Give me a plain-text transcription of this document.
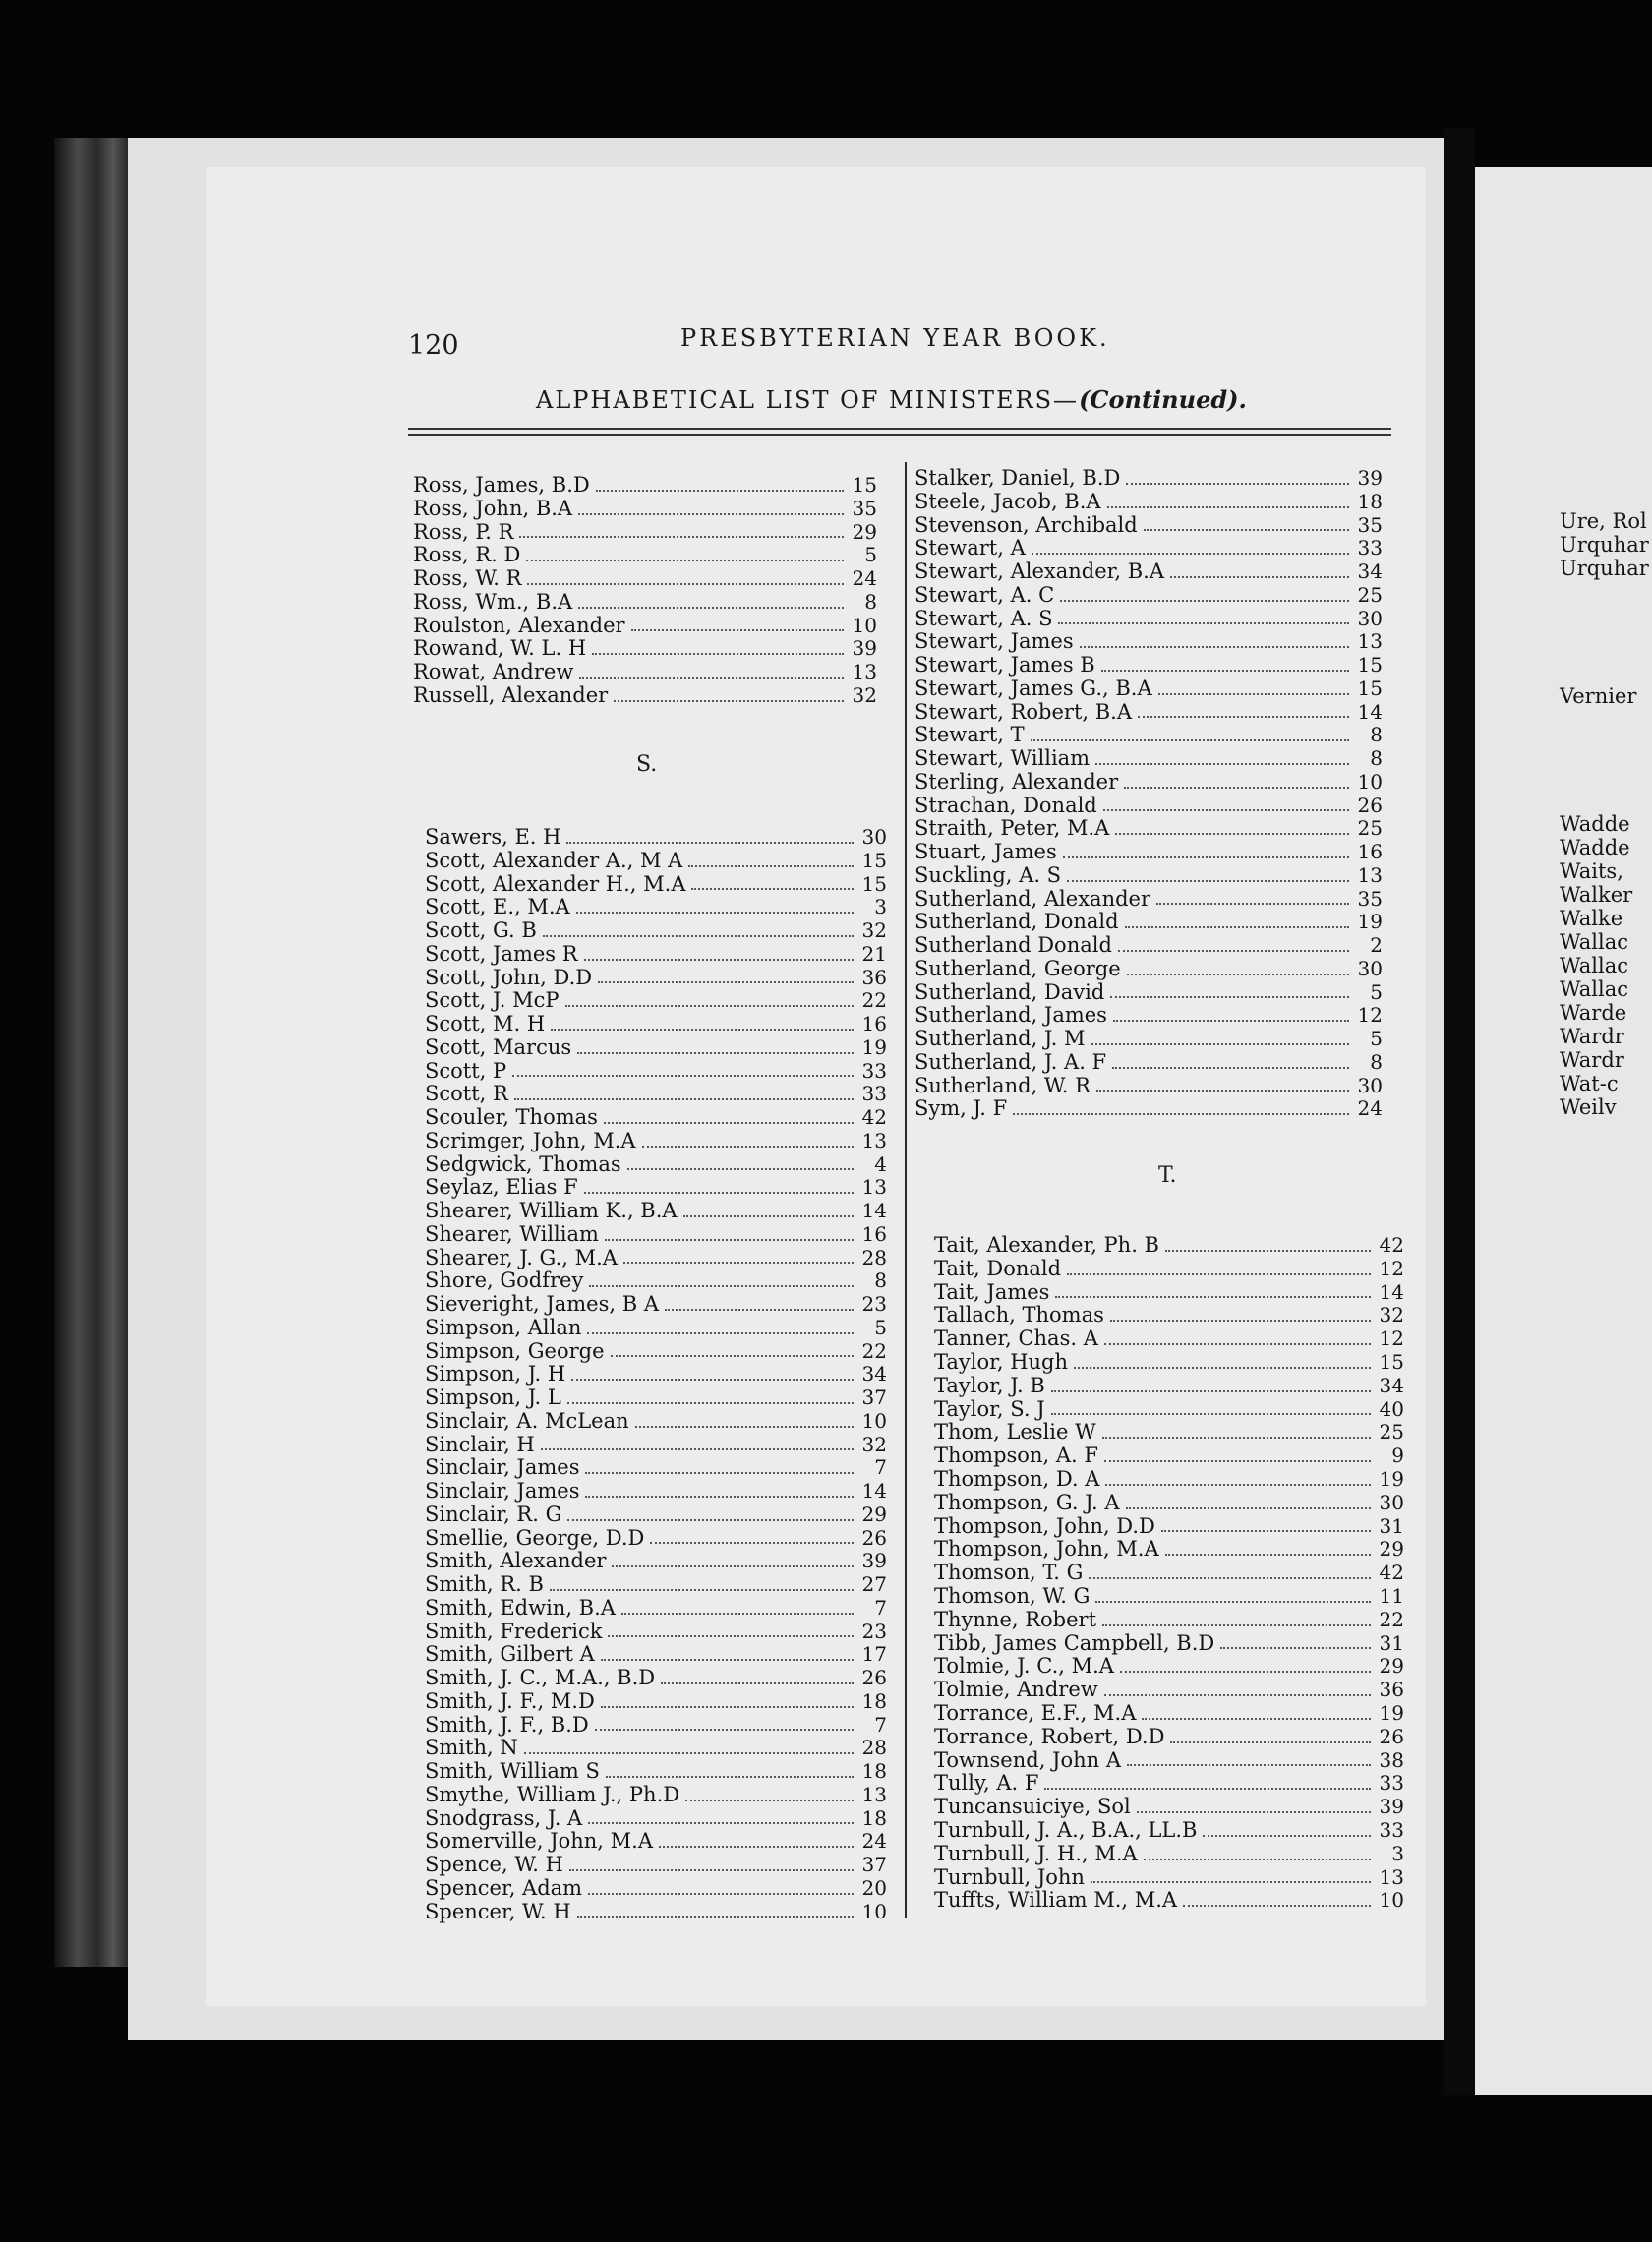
120	PRESBYTERIAN YEAR BOOK.
ALPHABETICAL LIST OF MINISTERS—(Continued).
Ross, James, B.D	15
Ross, John, B.A	35
Ross, P. R	29
Ross, R. D	5
Ross, W. R	24
Ross, Wm., B.A	8
Roulston, Alexander	10
Rowand, W. L. H	39
Rowat, Andrew	13
Russell, Alexander	32
S.
Sawers, E. H	30
Scott, Alexander A., M A	15
Scott, Alexander H., M.A	15
Scott, E., M.A	3
Scott, G. B	32
Scott, James R	21
Scott, John, D.D	36
Scott, J. McP	22
Scott, M. H	16
Scott, Marcus	19
Scott, P	33
Scott, R	33
Scouler, Thomas	42
Scrimger, John, M.A	13
Sedgwick, Thomas	4
Seylaz, Elias F	13
Shearer, William K., B.A	14
Shearer, William	16
Shearer, J. G., M.A	28
Shore, Godfrey	8
Sieveright, James, B A	23
Simpson, Allan	5
Simpson, George	22
Simpson, J. H	34
Simpson, J. L	37
Sinclair, A. McLean	10
Sinclair, H	32
Sinclair, James	7
Sinclair, James	14
Sinclair, R. G	29
Smellie, George, D.D	26
Smith, Alexander	39
Smith, R. B	27
Smith, Edwin, B.A	7
Smith, Frederick	23
Smith, Gilbert A	17
Smith, J. C., M.A., B.D	26
Smith, J. F., M.D	18
Smith, J. F., B.D	7
Smith, N	28
Smith, William S	18
Smythe, William J., Ph.D	13
Snodgrass, J. A	18
Somerville, John, M.A	24
Spence, W. H	37
Spencer, Adam	20
Spencer, W. H	10
Stalker, Daniel, B.D	39
Steele, Jacob, B.A	18
Stevenson, Archibald	35
Stewart, A	33
Stewart, Alexander, B.A	34
Stewart, A. C	25
Stewart, A. S	30
Stewart, James	13
Stewart, James B	15
Stewart, James G., B.A	15
Stewart, Robert, B.A	14
Stewart, T	8
Stewart, William	8
Sterling, Alexander	10
Strachan, Donald	26
Straith, Peter, M.A	25
Stuart, James	16
Suckling, A. S	13
Sutherland, Alexander	35
Sutherland, Donald	19
Sutherland Donald	2
Sutherland, George	30
Sutherland, David	5
Sutherland, James	12
Sutherland, J. M	5
Sutherland, J. A. F	8
Sutherland, W. R	30
Sym, J. F	24
T.
Tait, Alexander, Ph. B	42
Tait, Donald	12
Tait, James	14
Tallach, Thomas	32
Tanner, Chas. A	12
Taylor, Hugh	15
Taylor, J. B	34
Taylor, S. J	40
Thom, Leslie W	25
Thompson, A. F	9
Thompson, D. A	19
Thompson, G. J. A	30
Thompson, John, D.D	31
Thompson, John, M.A	29
Thomson, T. G	42
Thomson, W. G	11
Thynne, Robert	22
Tibb, James Campbell, B.D	31
Tolmie, J. C., M.A	29
Tolmie, Andrew	36
Torrance, E.F., M.A	19
Torrance, Robert, D.D	26
Townsend, John A	38
Tully, A. F	33
Tuncansuiciye, Sol	39
Turnbull, J. A., B.A., LL.B	33
Turnbull, J. H., M.A	3
Turnbull, John	13
Tuffts, William M., M.A	10
Ure, Rol
Urquhar
Urquhar
Vernier
Wadde
Wadde
Waits,
Walker
Walke
Wallac
Wallac
Wallac
Warde
Wardr
Wardr
Wat-c
Weilv
